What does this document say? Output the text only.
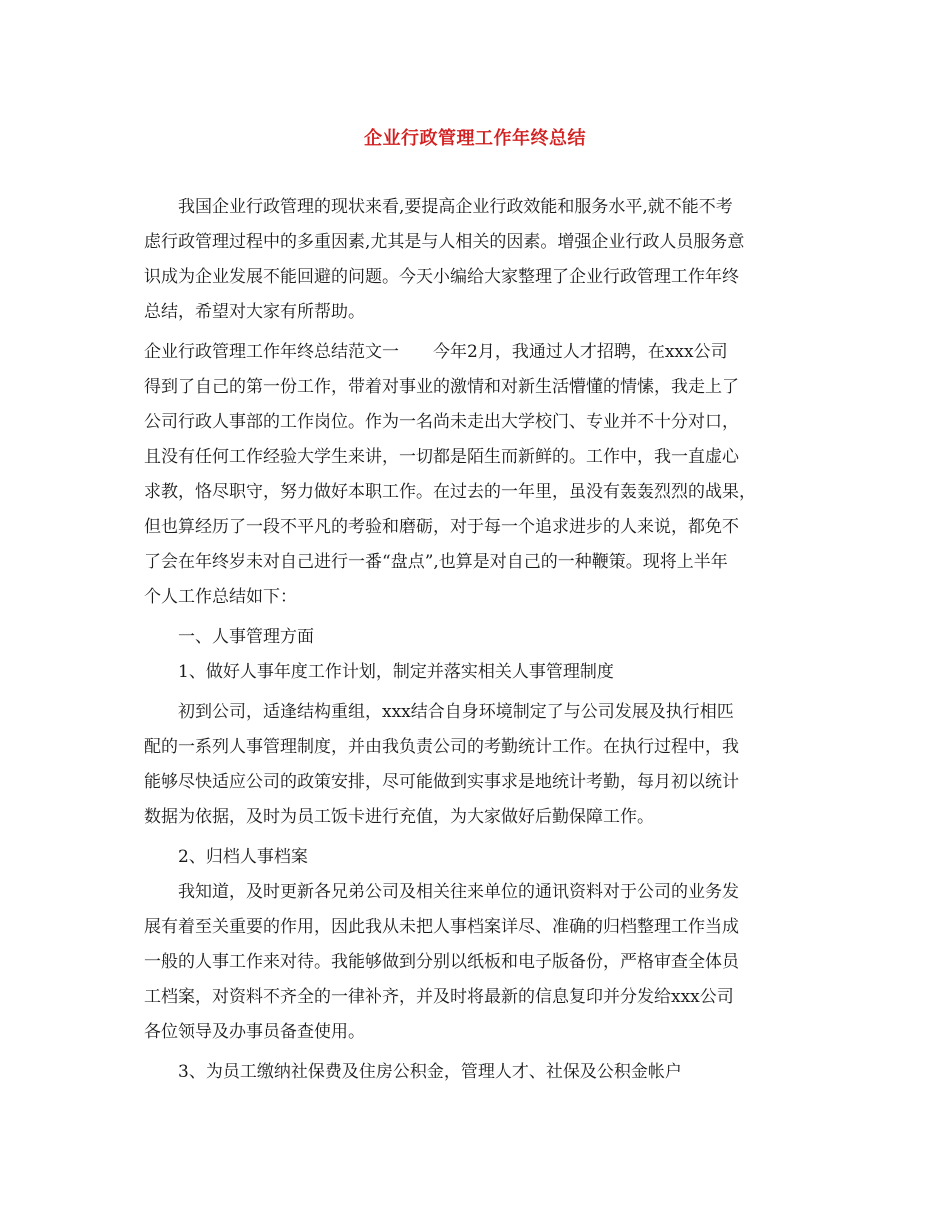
企业行政管理工作年终总结
我国企业行政管理的现状来看,要提高企业行政效能和服务水平,就不能不考
虑行政管理过程中的多重因素,尤其是与人相关的因素。增强企业行政人员服务意
识成为企业发展不能回避的问题。今天小编给大家整理了企业行政管理工作年终
总结，希望对大家有所帮助。
企业行政管理工作年终总结范文一 今年2月，我通过人才招聘，在xxx公司
得到了自己的第一份工作，带着对事业的激情和对新生活懵懂的情愫，我走上了
公司行政人事部的工作岗位。作为一名尚未走出大学校门、专业并不十分对口，
且没有任何工作经验大学生来讲，一切都是陌生而新鲜的。工作中，我一直虚心
求教，恪尽职守，努力做好本职工作。在过去的一年里，虽没有轰轰烈烈的战果，
但也算经历了一段不平凡的考验和磨砺，对于每一个追求进步的人来说，都免不
了会在年终岁未对自己进行一番“盘点”,也算是对自己的一种鞭策。现将上半年
个人工作总结如下：
一、人事管理方面
1、做好人事年度工作计划，制定并落实相关人事管理制度
初到公司，适逢结构重组，xxx结合自身环境制定了与公司发展及执行相匹
配的一系列人事管理制度，并由我负责公司的考勤统计工作。在执行过程中，我
能够尽快适应公司的政策安排，尽可能做到实事求是地统计考勤，每月初以统计
数据为依据，及时为员工饭卡进行充值，为大家做好后勤保障工作。
2、归档人事档案
我知道，及时更新各兄弟公司及相关往来单位的通讯资料对于公司的业务发
展有着至关重要的作用，因此我从未把人事档案详尽、准确的归档整理工作当成
一般的人事工作来对待。我能够做到分别以纸板和电子版备份，严格审查全体员
工档案，对资料不齐全的一律补齐，并及时将最新的信息复印并分发给xxx公司
各位领导及办事员备查使用。
3、为员工缴纳社保费及住房公积金，管理人才、社保及公积金帐户
